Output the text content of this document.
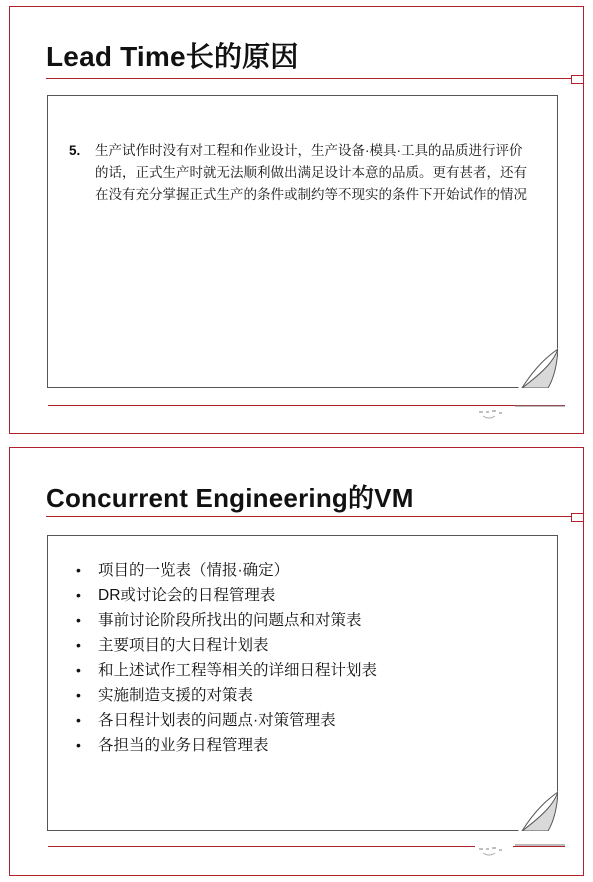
Lead Time长的原因
5.	生产试作时没有对工程和作业设计，生产设备·模具·工具的品质进行评价的话，正式生产时就无法顺利做出满足设计本意的品质。更有甚者，还有在没有充分掌握正式生产的条件或制约等不现实的条件下开始试作的情况
Concurrent Engineering的VM
•	项目的一览表（情报·确定）
•	DR或讨论会的日程管理表
•	事前讨论阶段所找出的问题点和对策表
•	主要项目的大日程计划表
•	和上述试作工程等相关的详细日程计划表
•	实施制造支援的对策表
•	各日程计划表的问题点·对策管理表
•	各担当的业务日程管理表
